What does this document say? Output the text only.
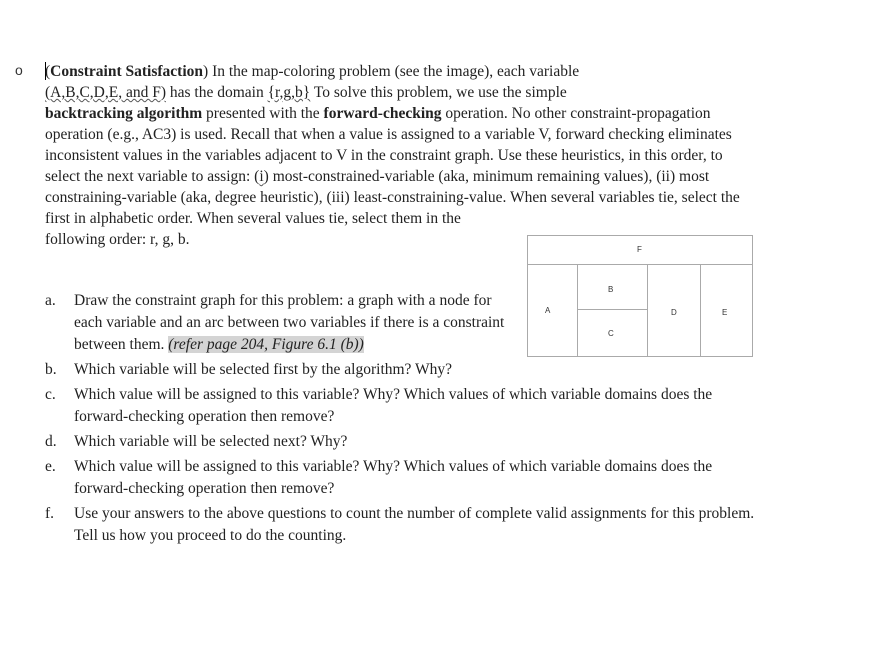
o (Constraint Satisfaction) In the map-coloring problem (see the image), each variable
(A,B,C,D,E, and F) has the domain {r,g,b} To solve this problem, we use the simple
backtracking algorithm presented with the forward-checking operation. No other constraint-propagation operation (e.g., AC3) is used. Recall that when a value is assigned to a variable V, forward checking eliminates inconsistent values in the variables adjacent to V in the constraint graph. Use these heuristics, in this order, to select the next variable to assign: (i) most-constrained-variable (aka, minimum remaining values), (ii) most constraining-variable (aka, degree heuristic), (iii) least-constraining-value. When several variables tie, select the first in alphabetic order. When several values tie, select them in the
following order: r, g, b.
F
A
B
C
D	E
a.	Draw the constraint graph for this problem: a graph with a node for each variable and an arc between two variables if there is a constraint between them. (refer page 204, Figure 6.1 (b))
b.	Which variable will be selected first by the algorithm? Why?
c.	Which value will be assigned to this variable? Why? Which values of which variable domains does the forward-checking operation then remove?
d.	Which variable will be selected next? Why?
e.	Which value will be assigned to this variable? Why? Which values of which variable domains does the forward-checking operation then remove?
f.	Use your answers to the above questions to count the number of complete valid assignments for this problem. Tell us how you proceed to do the counting.
